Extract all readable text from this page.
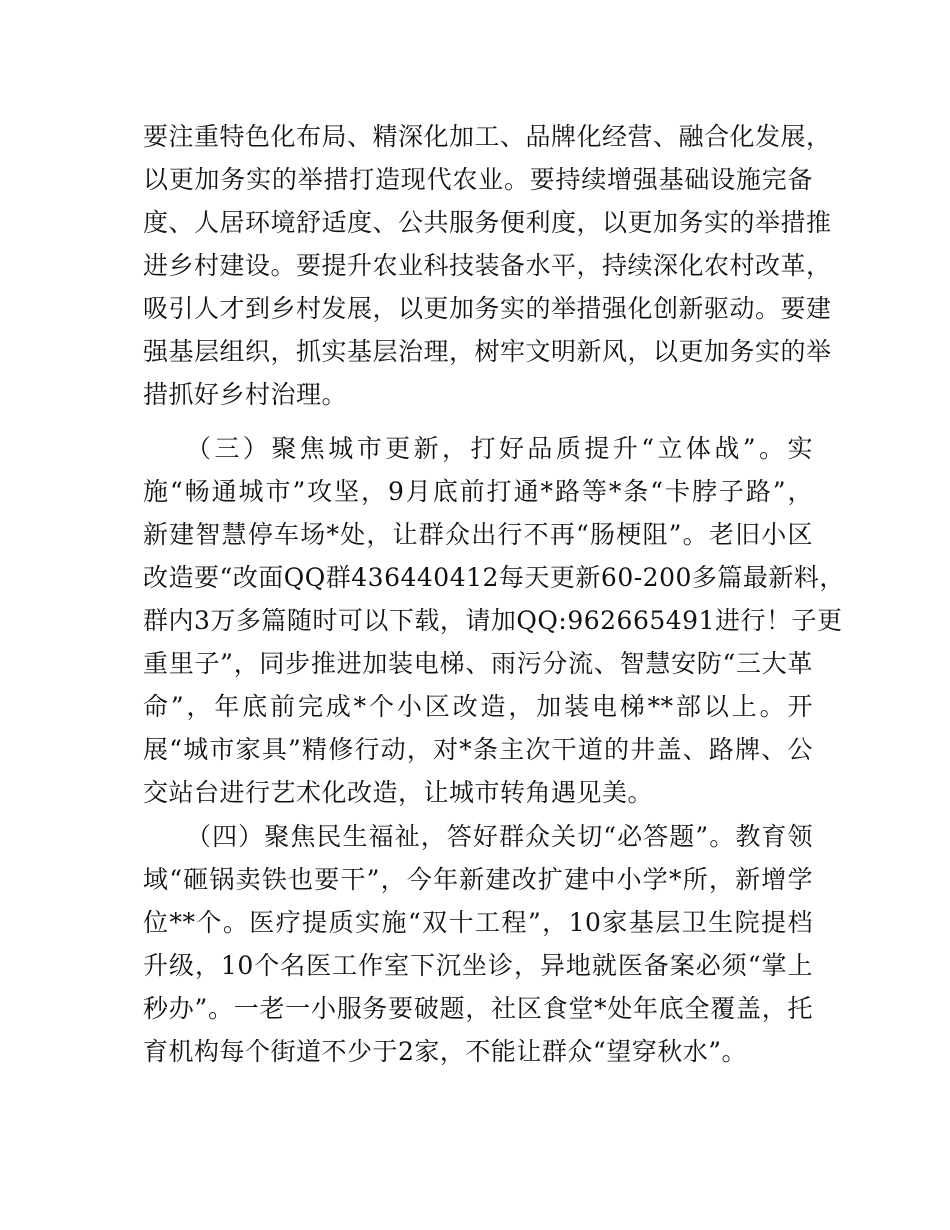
要注重特色化布局、精深化加工、品牌化经营、融合化发展，
以更加务实的举措打造现代农业。要持续增强基础设施完备
度、人居环境舒适度、公共服务便利度，以更加务实的举措推
进乡村建设。要提升农业科技装备水平，持续深化农村改革，
吸引人才到乡村发展，以更加务实的举措强化创新驱动。要建
强基层组织，抓实基层治理，树牢文明新风，以更加务实的举
措抓好乡村治理。
（三）聚焦城市更新，打好品质提升“立体战”。实
施“畅通城市”攻坚，9月底前打通*路等*条“卡脖子路”，
新建智慧停车场*处，让群众出行不再“肠梗阻”。老旧小区
改造要“改面QQ群436440412每天更新60-200多篇最新料，
群内3万多篇随时可以下载，请加QQ:962665491进行！子更
重里子”，同步推进加装电梯、雨污分流、智慧安防“三大革
命”，年底前完成*个小区改造，加装电梯**部以上。开
展“城市家具”精修行动，对*条主次干道的井盖、路牌、公
交站台进行艺术化改造，让城市转角遇见美。
（四）聚焦民生福祉，答好群众关切“必答题”。教育领
域“砸锅卖铁也要干”，今年新建改扩建中小学*所，新增学
位**个。医疗提质实施“双十工程”，10家基层卫生院提档
升级，10个名医工作室下沉坐诊，异地就医备案必须“掌上
秒办”。一老一小服务要破题，社区食堂*处年底全覆盖，托
育机构每个街道不少于2家，不能让群众“望穿秋水”。
